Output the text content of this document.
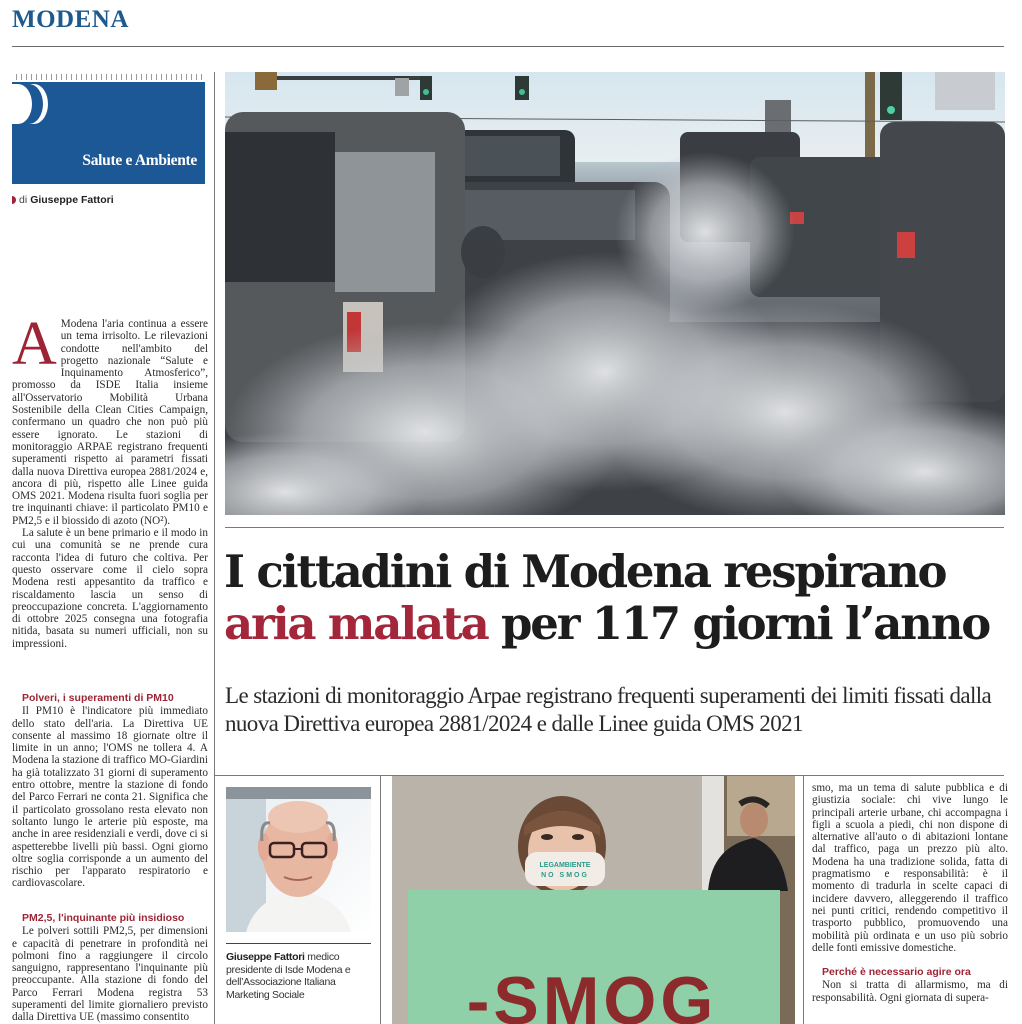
MODENA
Salute e Ambiente
di Giuseppe Fattori
A Modena l'aria continua a essere un tema irrisolto. Le rilevazioni condotte nell'ambito del progetto nazionale “Salute e Inquinamento Atmosferico”, promosso da ISDE Italia insieme all'Osservatorio Mobilità Urbana Sostenibile della Clean Cities Campaign, confermano un quadro che non può più essere ignorato. Le stazioni di monitoraggio ARPAE registrano frequenti superamenti rispetto ai parametri fissati dalla nuova Direttiva europea 2881/2024 e, ancora di più, rispetto alle Linee guida OMS 2021. Modena risulta fuori soglia per tre inquinanti chiave: il particolato PM10 e PM2,5 e il biossido di azoto (NO²).

La salute è un bene primario e il modo in cui una comunità se ne prende cura racconta l'idea di futuro che coltiva. Per questo osservare come il cielo sopra Modena resti appesantito da traffico e riscaldamento lascia un senso di preoccupazione concreta. L'aggiornamento di ottobre 2025 consegna una fotografia nitida, basata su numeri ufficiali, non su impressioni.

Polveri, i superamenti di PM10

Il PM10 è l'indicatore più immediato dello stato dell'aria. La Direttiva UE consente al massimo 18 giornate oltre il limite in un anno; l'OMS ne tollera 4. A Modena la stazione di traffico MO-Giardini ha già totalizzato 31 giorni di superamento entro ottobre, mentre la stazione di fondo del Parco Ferrari ne conta 21. Significa che il particolato grossolano resta elevato non soltanto lungo le arterie più esposte, ma anche in aree residenziali e verdi, dove ci si aspetterebbe livelli più bassi. Ogni giorno oltre soglia corrisponde a un aumento del rischio per l'apparato respiratorio e cardiovascolare.

PM2,5, l'inquinante più insidioso

Le polveri sottili PM2,5, per dimensioni e capacità di penetrare in profondità nei polmoni fino a raggiungere il circolo sanguigno, rappresentano l'inquinante più preoccupante. Alla stazione di fondo del Parco Ferrari Modena registra 53 superamenti del limite giornaliero previsto dalla Direttiva UE (massimo consentito

I cittadini di Modena respirano
aria malata per 117 giorni l’anno
Le stazioni di monitoraggio Arpae registrano frequenti superamenti dei limiti fissati dalla nuova Direttiva europea 2881/2024 e dalle Linee guida OMS 2021
Giuseppe Fattori medico presidente di Isde Modena e dell’Associazione Italiana Marketing Sociale
LEGAMBIENTE
NO SMOG
-SMOG

smo, ma un tema di salute pubblica e di giustizia sociale: chi vive lungo le principali arterie urbane, chi accompagna i figli a scuola a piedi, chi non dispone di alternative all'auto o di abitazioni lontane dal traffico, paga un prezzo più alto. Modena ha una tradizione solida, fatta di pragmatismo e responsabilità: è il momento di tradurla in scelte capaci di incidere davvero, alleggerendo il traffico nei punti critici, rendendo competitivo il trasporto pubblico, promuovendo una mobilità più ordinata e un uso più sobrio delle fonti emissive domestiche.

Perché è necessario agire ora

Non si tratta di allarmismo, ma di responsabilità. Ogni giornata di supera-
